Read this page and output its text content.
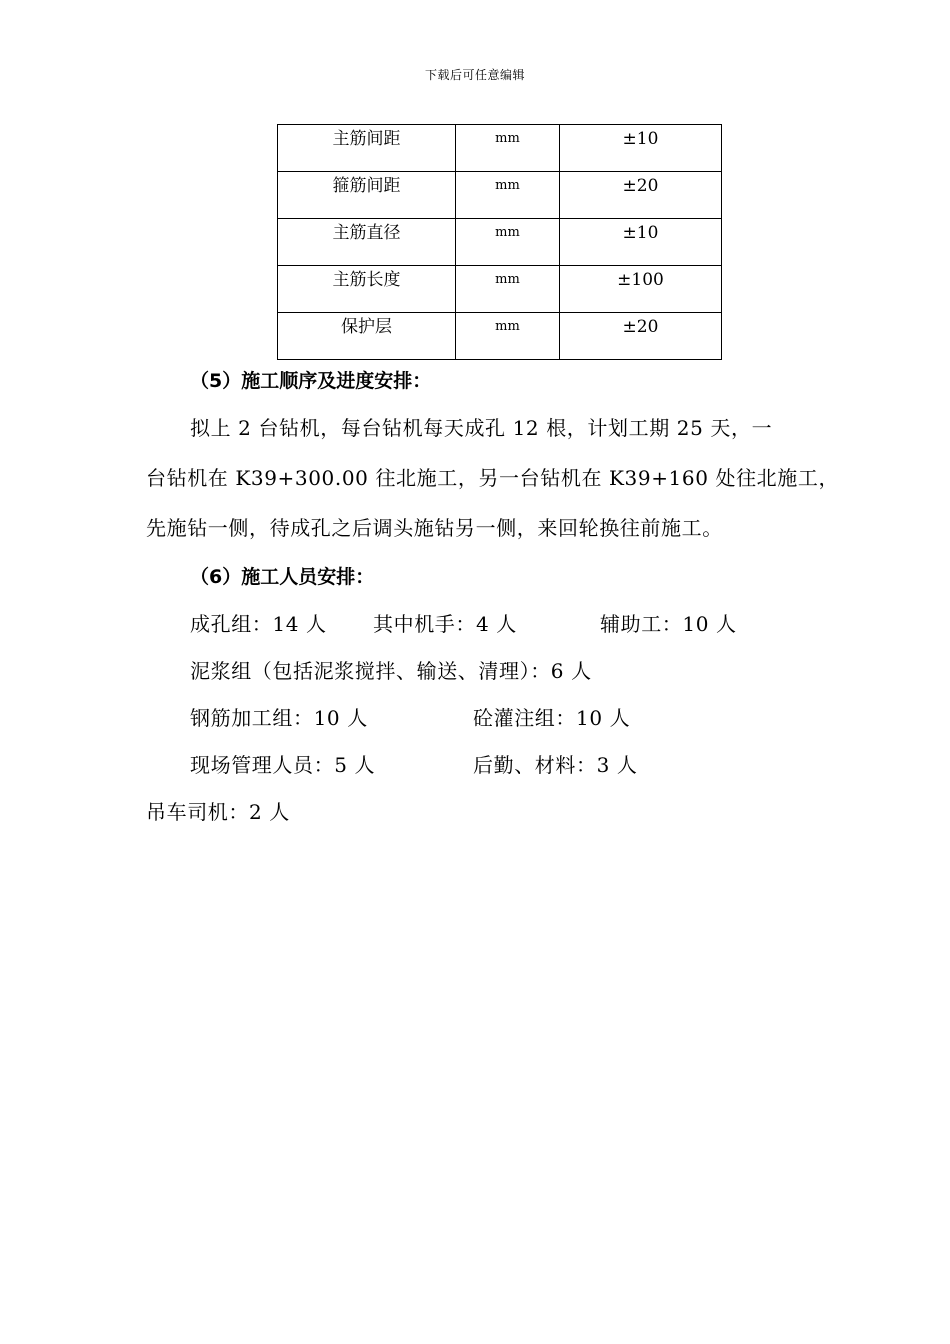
下载后可任意编辑
主筋间距	mm	±10
箍筋间距	mm	±20
主筋直径	mm	±10
主筋长度	mm	±100
保护层	mm	±20
（5）施工顺序及进度安排：
拟上 2 台钻机，每台钻机每天成孔 12 根，计划工期 25 天，一
台钻机在 K39+300.00 往北施工，另一台钻机在 K39+160 处往北施工，
先施钻一侧，待成孔之后调头施钻另一侧，来回轮换往前施工。
（6）施工人员安排：
成孔组：14 人 其中机手：4 人	辅助工：10 人
泥浆组（包括泥浆搅拌、输送、清理）：6 人
钢筋加工组：10 人	砼灌注组：10 人
现场管理人员：5 人	后勤、材料：3 人
吊车司机：2 人
